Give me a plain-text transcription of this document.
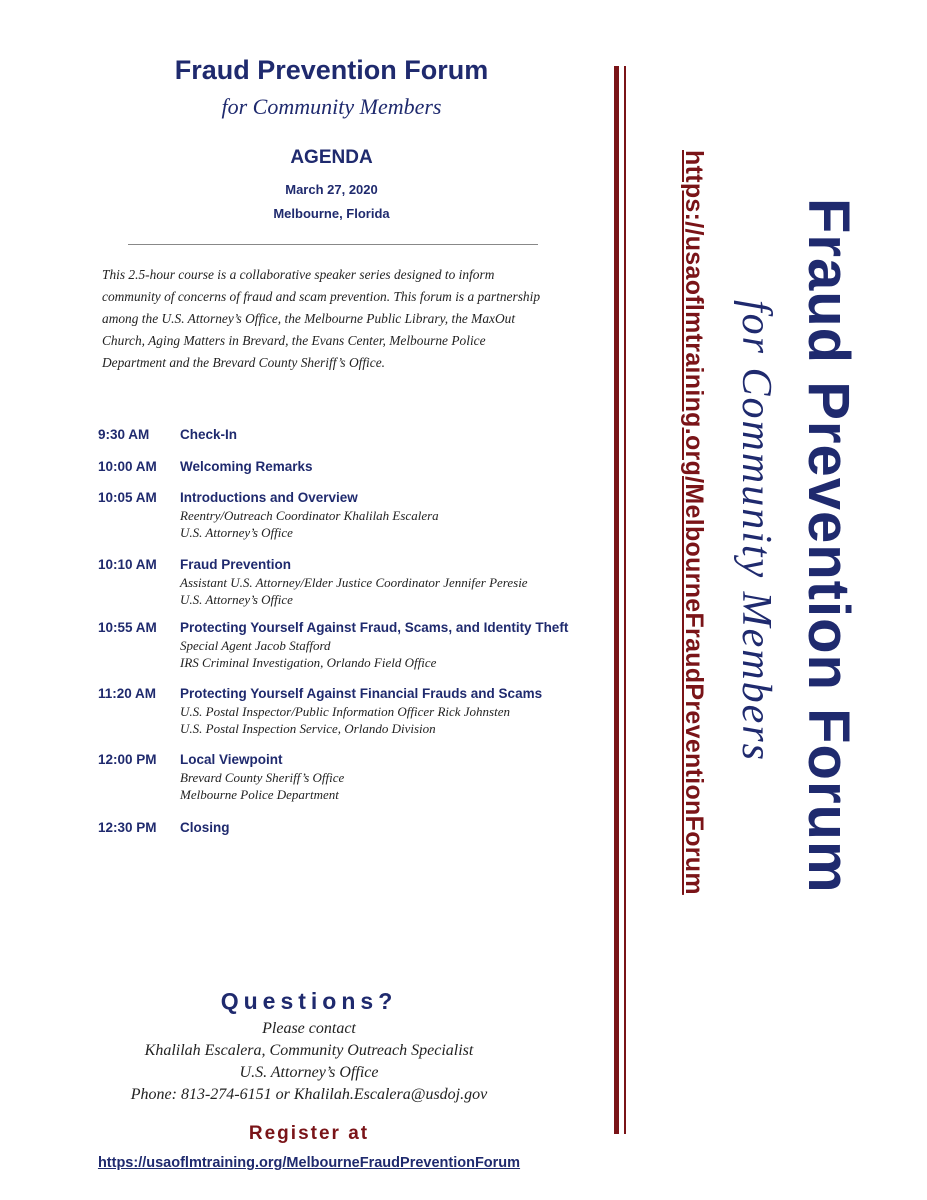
Fraud Prevention Forum
for Community Members
AGENDA
March 27, 2020
Melbourne, Florida
This 2.5-hour course is a collaborative speaker series designed to inform community of concerns of fraud and scam prevention. This forum is a partnership among the U.S. Attorney’s Office, the Melbourne Public Library, the MaxOut Church, Aging Matters in Brevard, the Evans Center, Melbourne Police Department and the Brevard County Sheriff’s Office.
9:30 AM Check-In
10:00 AM Welcoming Remarks
10:05 AM Introductions and Overview
Reentry/Outreach Coordinator Khalilah Escalera
U.S. Attorney’s Office
10:10 AM Fraud Prevention
Assistant U.S. Attorney/Elder Justice Coordinator Jennifer Peresie
U.S. Attorney’s Office
10:55 AM Protecting Yourself Against Fraud, Scams, and Identity Theft
Special Agent Jacob Stafford
IRS Criminal Investigation, Orlando Field Office
11:20 AM Protecting Yourself Against Financial Frauds and Scams
U.S. Postal Inspector/Public Information Officer Rick Johnsten
U.S. Postal Inspection Service, Orlando Division
12:00 PM Local Viewpoint
Brevard County Sheriff’s Office
Melbourne Police Department
12:30 PM Closing
Questions?
Please contact
Khalilah Escalera, Community Outreach Specialist
U.S. Attorney’s Office
Phone: 813-274-6151 or Khalilah.Escalera@usdoj.gov
Register at
https://usaoflmtraining.org/MelbourneFraudPreventionForum
https://usaoflmtraining.org/MelbourneFraudPreventionForum for Community Members Fraud Prevention Forum
